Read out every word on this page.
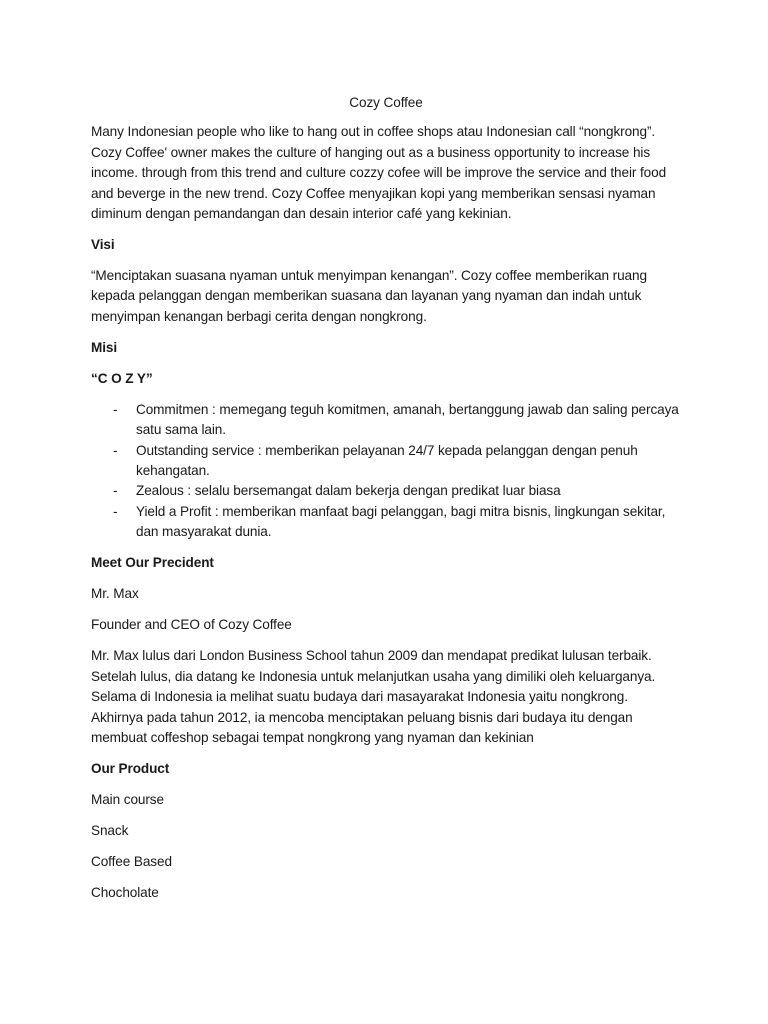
Cozy Coffee

Many Indonesian people who like to hang out in coffee shops atau Indonesian call “nongkrong”. Cozy Coffee' owner makes the culture of hanging out as a business opportunity to increase his income. through from this trend and culture cozzy cofee will be improve the service and their food and beverge in the new trend. Cozy Coffee menyajikan kopi yang memberikan sensasi nyaman diminum dengan pemandangan dan desain interior café yang kekinian.

Visi

“Menciptakan suasana nyaman untuk menyimpan kenangan”. Cozy coffee memberikan ruang kepada pelanggan dengan memberikan suasana dan layanan yang nyaman dan indah untuk menyimpan kenangan berbagi cerita dengan nongkrong.

Misi

“C O Z Y”

- Commitmen : memegang teguh komitmen, amanah, bertanggung jawab dan saling percaya satu sama lain.
- Outstanding service : memberikan pelayanan 24/7 kepada pelanggan dengan penuh kehangatan.
- Zealous : selalu bersemangat dalam bekerja dengan predikat luar biasa
- Yield a Profit : memberikan manfaat bagi pelanggan, bagi mitra bisnis, lingkungan sekitar, dan masyarakat dunia.

Meet Our Precident

Mr. Max

Founder and CEO of Cozy Coffee

Mr. Max lulus dari London Business School tahun 2009 dan mendapat predikat lulusan terbaik. Setelah lulus, dia datang ke Indonesia untuk melanjutkan usaha yang dimiliki oleh keluarganya. Selama di Indonesia ia melihat suatu budaya dari masayarakat Indonesia yaitu nongkrong. Akhirnya pada tahun 2012, ia mencoba menciptakan peluang bisnis dari budaya itu dengan membuat coffeshop sebagai tempat nongkrong yang nyaman dan kekinian

Our Product

Main course

Snack

Coffee Based

Chocholate
